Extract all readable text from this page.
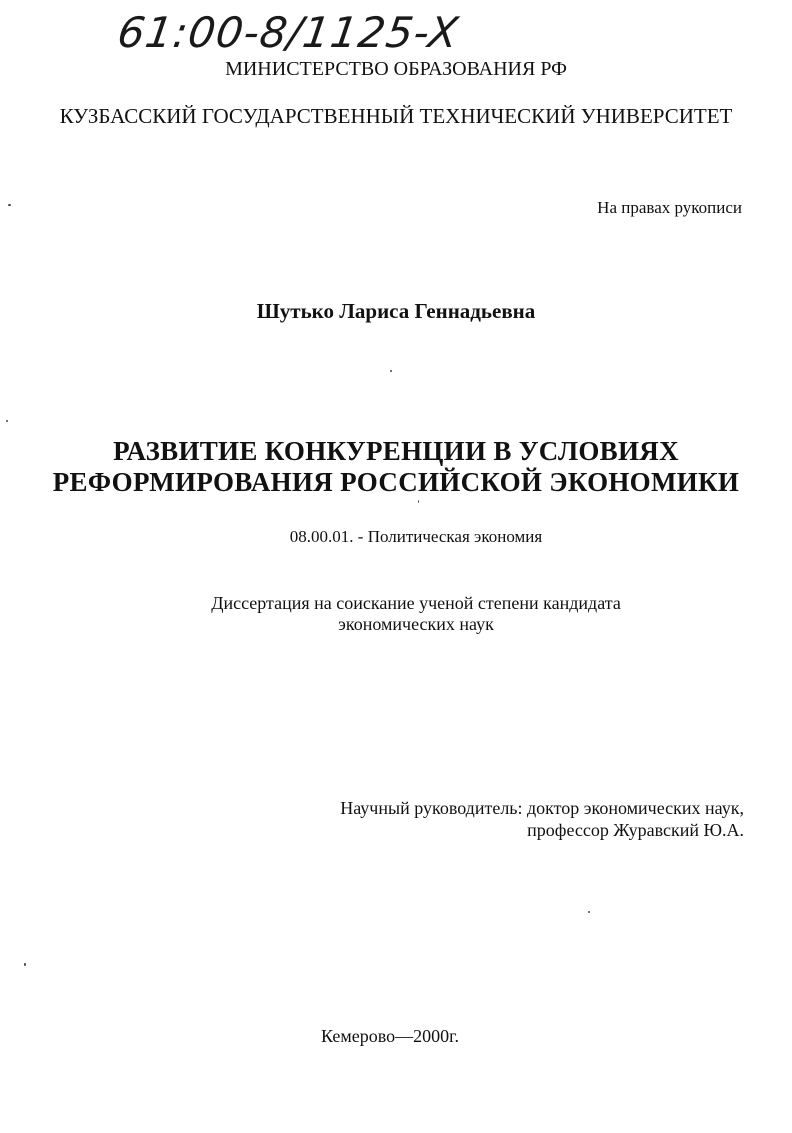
61:00-8/1125-X
МИНИСТЕРСТВО ОБРАЗОВАНИЯ РФ
КУЗБАССКИЙ ГОСУДАРСТВЕННЫЙ ТЕХНИЧЕСКИЙ УНИВЕРСИТЕТ
На правах рукописи
Шутько Лариса Геннадьевна
РАЗВИТИЕ КОНКУРЕНЦИИ В УСЛОВИЯХ
РЕФОРМИРОВАНИЯ РОССИЙСКОЙ ЭКОНОМИКИ
08.00.01. - Политическая экономия
Диссертация на соискание ученой степени кандидата
экономических наук
Научный руководитель: доктор экономических наук,
профессор Журавский Ю.А.
Кемерово—2000г.
